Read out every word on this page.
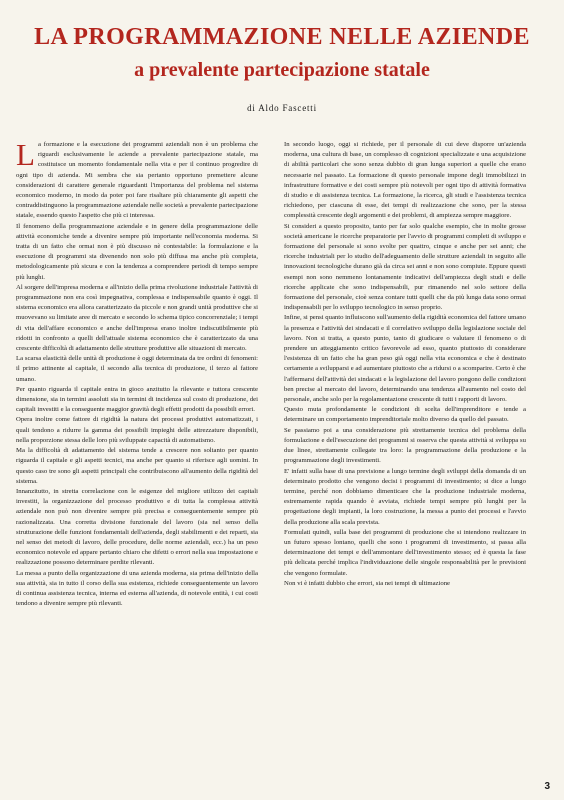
LA PROGRAMMAZIONE NELLE AZIENDE
a prevalente partecipazione statale
di Aldo Fascetti
L a formazione e la esecuzione dei programmi aziendali non è un problema che riguardi esclusivamente le aziende a prevalente partecipazione statale, ma costituisce un momento fondamentale nella vita e per il continuo progredire di ogni tipo di azienda. Mi sembra che sia pertanto opportuno premettere alcune considerazioni di carattere generale riguardanti l'importanza del problema nel sistema economico moderno, in modo da poter poi fare risaltare più chiaramente gli aspetti che contraddistinguono la programmazione aziendale nelle società a prevalente partecipazione statale, essendo questo l'aspetto che più ci interessa.

Il fenomeno della programmazione aziendale e in genere della programmazione delle attività economiche tende a divenire sempre più importante nell'economia moderna. Si tratta di un fatto che ormai non è più discusso nè contestabile: la formulazione e la esecuzione di programmi sta divenendo non solo più diffusa ma anche più completa, metodologicamente più sicura e con la tendenza a comprendere periodi di tempo sempre più lunghi.

Al sorgere dell'impresa moderna e all'inizio della prima rivoluzione industriale l'attività di programmazione non era così impegnativa, complessa e indispensabile quanto è oggi. Il sistema economico era allora caratterizzato da piccole e non grandi unità produttive che si muovevano su limitate aree di mercato e secondo lo schema tipico concorrenziale; i tempi di vita dell'affare economico e anche dell'impresa erano inoltre indiscutibilmente più ridotti in confronto a quelli dell'attuale sistema economico che è caratterizzato da una crescente difficoltà di adattamento delle strutture produttive alle situazioni di mercato.

La scarsa elasticità delle unità di produzione è oggi determinata da tre ordini di fenomeni: il primo attinente al capitale, il secondo alla tecnica di produzione, il terzo al fattore umano.

Per quanto riguarda il capitale entra in gioco anzitutto la rilevante e tuttora crescente dimensione, sia in termini assoluti sia in termini di incidenza sul costo di produzione, dei capitali investiti e la conseguente maggior gravità degli effetti prodotti da possibili errori.

Opera inoltre come fattore di rigidità la natura dei processi produttivi automatizzati, i quali tendono a ridurre la gamma dei possibili impieghi delle attrezzature disponibili, nella proporzione stessa delle loro più sviluppate capacità di automatismo.

Ma la difficoltà di adattamento del sistema tende a crescere non soltanto per quanto riguarda il capitale e gli aspetti tecnici, ma anche per quanto si riferisce agli uomini. In questo caso tre sono gli aspetti principali che contribuiscono all'aumento della rigidità del sistema.

Innanzitutto, in stretta correlazione con le esigenze del migliore utilizzo dei capitali investiti, la organizzazione del processo produttivo e di tutta la complessa attività aziendale non può non divenire sempre più precisa e conseguentemente sempre più razionalizzata. Una corretta divisione funzionale del lavoro (sia nel senso della strutturazione delle funzioni fondamentali dell'azienda, degli stabilimenti e dei reparti, sia nel senso dei metodi di lavoro, delle procedure, delle norme aziendali, ecc.) ha un peso economico notevole ed appare pertanto chiaro che difetti o errori nella sua impostazione e realizzazione possono determinare perdite rilevanti.

La messa a punto della organizzazione di una azienda moderna, sia prima dell'inizio della sua attività, sia in tutto il corso della sua esistenza, richiede conseguentemente un lavoro di continua assistenza tecnica, interna ed esterna all'azienda, di notevole entità, i cui costi tendono a divenire sempre più rilevanti.

In secondo luogo, oggi si richiede, per il personale di cui deve disporre un'azienda moderna, una cultura di base, un complesso di cognizioni specializzate e una acquisizione di abilità particolari che sono senza dubbio di gran lunga superiori a quelle che erano necessarie nel passato. La formazione di questo personale impone degli immobilizzi in infrastrutture formative e dei costi sempre più notevoli per ogni tipo di attività formativa di studio e di assistenza tecnica. La formazione, la ricerca, gli studi e l'assistenza tecnica richiedono, per ciascuna di esse, dei tempi di realizzazione che sono, per la stessa complessità crescente degli argomenti e dei problemi, di ampiezza sempre maggiore.

Si consideri a questo proposito, tanto per far solo qualche esempio, che in molte grosse società americane le ricerche preparatorie per l'avvio di programmi completi di sviluppo e formazione del personale si sono svolte per quattro, cinque e anche per sei anni; che ricerche industriali per lo studio dell'adeguamento delle strutture aziendali in seguito alle innovazioni tecnologiche durano già da circa sei anni e non sono compiute. Eppure questi esempi non sono nemmeno lontanamente indicativi dell'ampiezza degli studi e delle ricerche applicate che sono indispensabili, pur rimanendo nel solo settore della formazione del personale, cioè senza contare tutti quelli che da più lunga data sono ormai indispensabili per lo sviluppo tecnologico in senso proprio.

Infine, si pensi quanto influiscono sull'aumento della rigidità economica del fattore umano la presenza e l'attività dei sindacati e il correlativo sviluppo della legislazione sociale del lavoro. Non si tratta, a questo punto, tanto di giudicare o valutare il fenomeno o di prendere un atteggiamento critico favorevole ad esso, quanto piuttosto di considerare l'esistenza di un fatto che ha gran peso già oggi nella vita economica e che è destinato certamente a svilupparsi e ad aumentare piuttosto che a ridursi o a scomparire. Certo è che l'affermarsi dell'attività dei sindacati e la legislazione del lavoro pongono delle condizioni ben precise al mercato del lavoro, determinando una tendenza all'aumento nel costo del personale, anche solo per la regolamentazione crescente di tutti i rapporti di lavoro.

Questo muta profondamente le condizioni di scelta dell'imprenditore e tende a determinare un comportamento imprenditoriale molto diverso da quello del passato.

Se passiamo poi a una considerazione più strettamente tecnica del problema della formulazione e dell'esecuzione dei programmi si osserva che questa attività si sviluppa su due linee, strettamente collegate tra loro: la programmazione della produzione e la programmazione degli investimenti.

E' infatti sulla base di una previsione a lungo termine degli sviluppi della domanda di un determinato prodotto che vengono decisi i programmi di investimento; si dice a lungo termine, perché non dobbiamo dimenticare che la produzione industriale moderna, estremamente rapida quando è avviata, richiede tempi sempre più lunghi per la progettazione degli impianti, la loro costruzione, la messa a punto dei processi e l'avvio della produzione alla scala prevista.

Formulati quindi, sulla base dei programmi di produzione che si intendono realizzare in un futuro spesso lontano, quelli che sono i programmi di investimento, si passa alla determinazione dei tempi e dell'ammontare dell'investimento stesso; ed è questa la fase più delicata perché implica l'individuazione delle singole responsabilità per le previsioni che vengono formulate.

Non vi è infatti dubbio che errori, sia nei tempi di ultimazione

3
